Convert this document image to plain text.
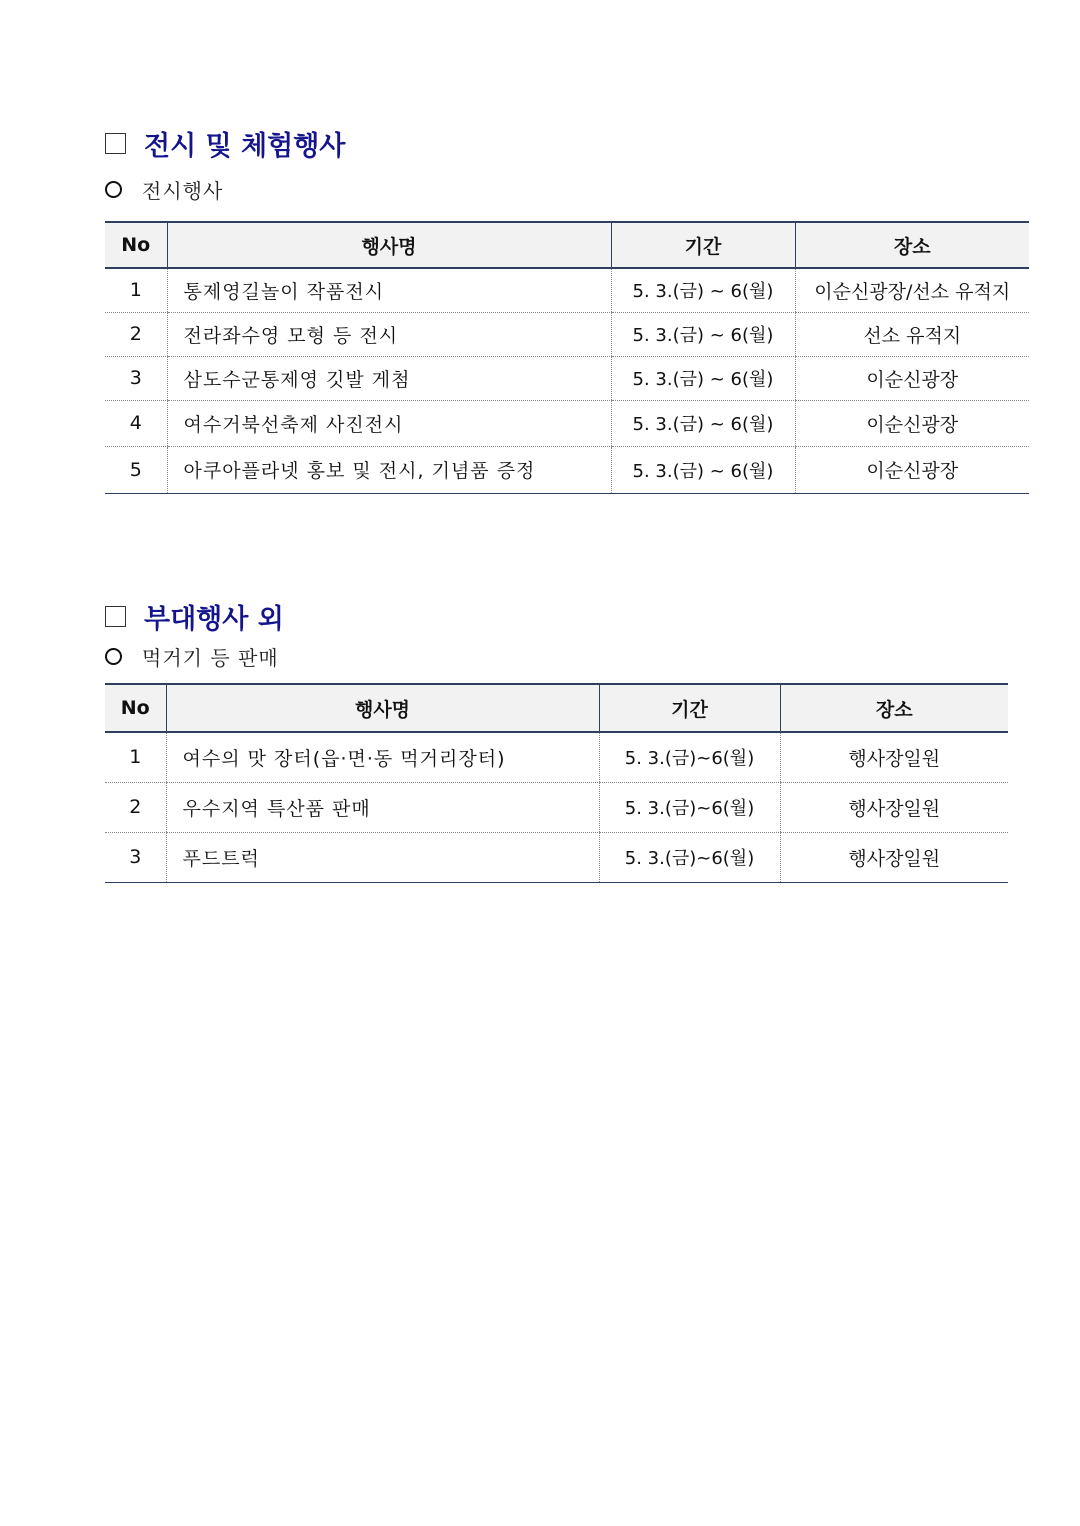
전시 및 체험행사
전시행사
No	행사명	기간	장소
1	통제영길놀이 작품전시	5. 3.(금) ~ 6(월)	이순신광장/선소 유적지
2	전라좌수영 모형 등 전시	5. 3.(금) ~ 6(월)	선소 유적지
3	삼도수군통제영 깃발 게첨	5. 3.(금) ~ 6(월)	이순신광장
4	여수거북선축제 사진전시	5. 3.(금) ~ 6(월)	이순신광장
5	아쿠아플라넷 홍보 및 전시, 기념품 증정	5. 3.(금) ~ 6(월)	이순신광장
부대행사 외
먹거기 등 판매
No	행사명	기간	장소
1	여수의 맛 장터(읍·면·동 먹거리장터)	5. 3.(금)~6(월)	행사장일원
2	우수지역 특산품 판매	5. 3.(금)~6(월)	행사장일원
3	푸드트럭	5. 3.(금)~6(월)	행사장일원
